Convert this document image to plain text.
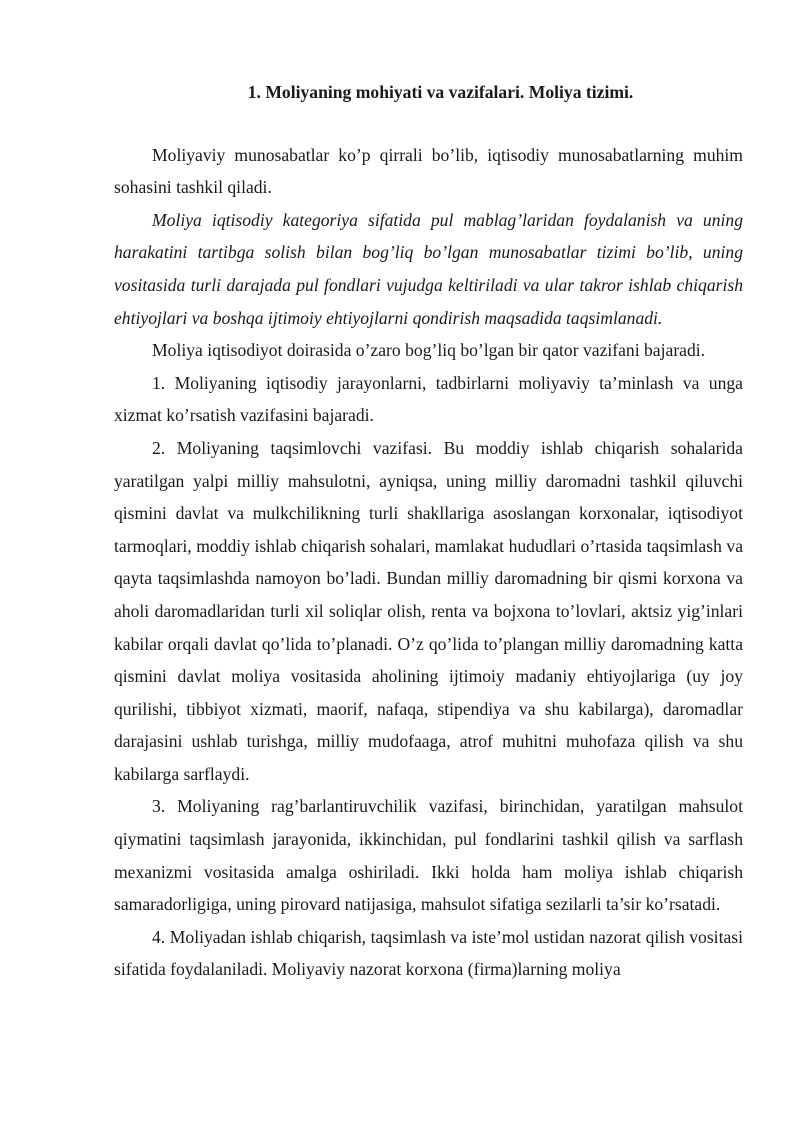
1. Moliyaning mohiyati va vazifalari. Moliya tizimi.

Moliyaviy munosabatlar ko’p qirrali bo’lib, iqtisodiy munosabatlarning muhim sohasini tashkil qiladi.

Moliya iqtisodiy kategoriya sifatida pul mablag’laridan foydalanish va uning harakatini tartibga solish bilan bog’liq bo’lgan munosabatlar tizimi bo’lib, uning vositasida turli darajada pul fondlari vujudga keltiriladi va ular takror ishlab chiqarish ehtiyojlari va boshqa ijtimoiy ehtiyojlarni qondirish maqsadida taqsimlanadi.

Moliya iqtisodiyot doirasida o’zaro bog’liq bo’lgan bir qator vazifani bajaradi.

1. Moliyaning iqtisodiy jarayonlarni, tadbirlarni moliyaviy ta’minlash va unga xizmat ko’rsatish vazifasini bajaradi.

2. Moliyaning taqsimlovchi vazifasi. Bu moddiy ishlab chiqarish sohalarida yaratilgan yalpi milliy mahsulotni, ayniqsa, uning milliy daromadni tashkil qiluvchi qismini davlat va mulkchilikning turli shakllariga asoslangan korxonalar, iqtisodiyot tarmoqlari, moddiy ishlab chiqarish sohalari, mamlakat hududlari o’rtasida taqsimlash va qayta taqsimlashda namoyon bo’ladi. Bundan milliy daromadning bir qismi korxona va aholi daromadlaridan turli xil soliqlar olish, renta va bojxona to’lovlari, aktsiz yig’inlari kabilar orqali davlat qo’lida to’planadi. O’z qo’lida to’plangan milliy daromadning katta qismini davlat moliya vositasida aholining ijtimoiy madaniy ehtiyojlariga (uy joy qurilishi, tibbiyot xizmati, maorif, nafaqa, stipendiya va shu kabilarga), daromadlar darajasini ushlab turishga, milliy mudofaaga, atrof muhitni muhofaza qilish va shu kabilarga sarflaydi.

3. Moliyaning rag’barlantiruvchilik vazifasi, birinchidan, yaratilgan mahsulot qiymatini taqsimlash jarayonida, ikkinchidan, pul fondlarini tashkil qilish va sarflash mexanizmi vositasida amalga oshiriladi. Ikki holda ham moliya ishlab chiqarish samaradorligiga, uning pirovard natijasiga, mahsulot sifatiga sezilarli ta’sir ko’rsatadi.

4. Moliyadan ishlab chiqarish, taqsimlash va iste’mol ustidan nazorat qilish vositasi sifatida foydalaniladi. Moliyaviy nazorat korxona (firma)larning moliya
